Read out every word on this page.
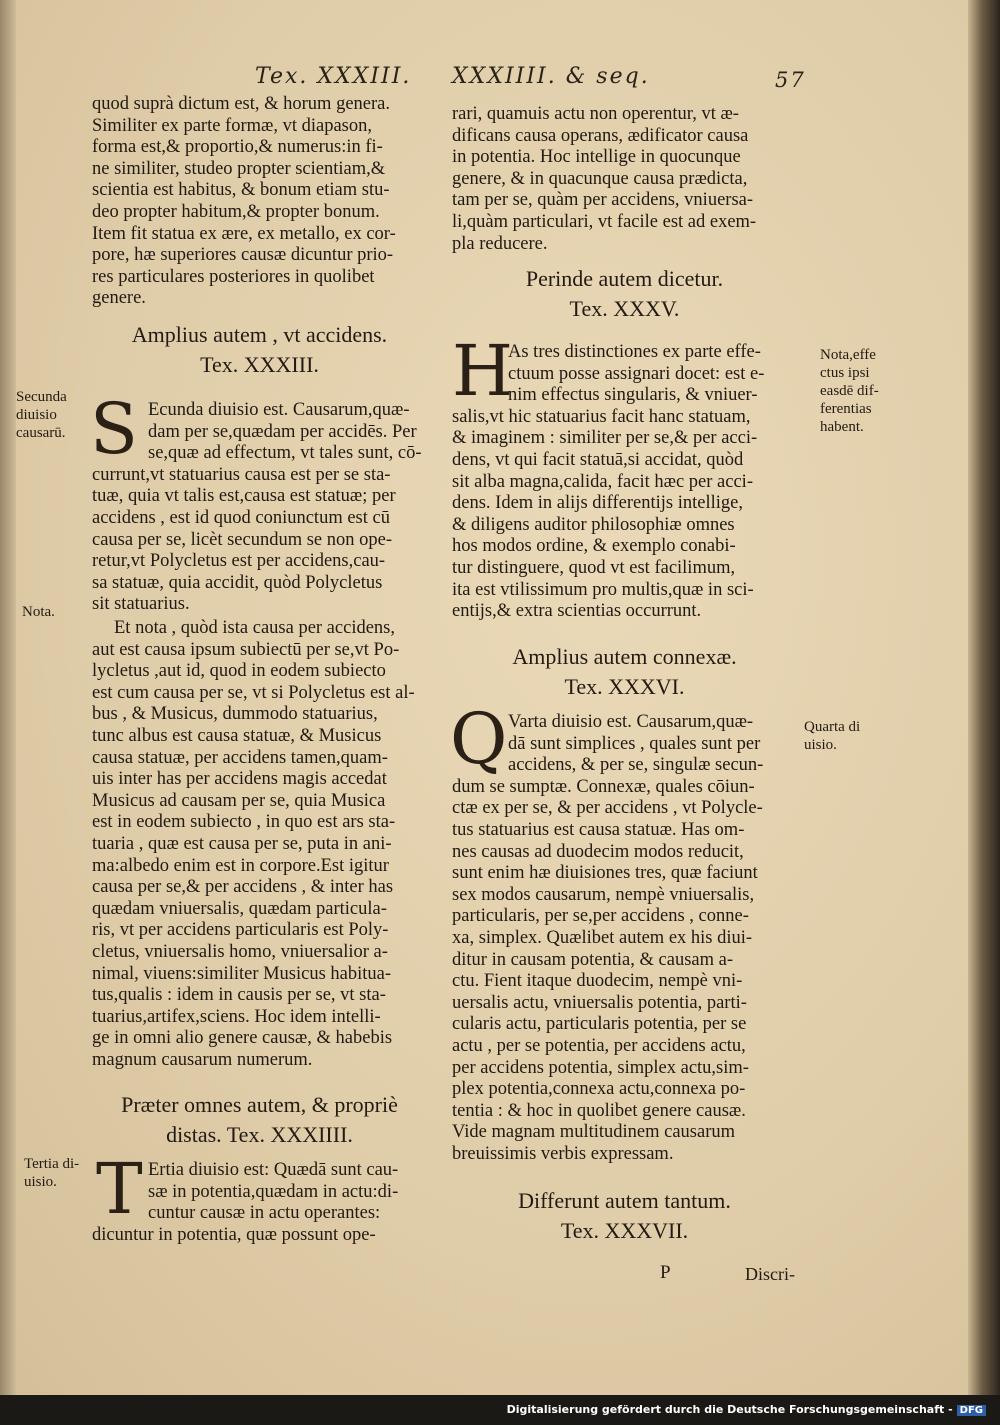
Tex. XXXIII. XXXIIII. & seq.	57
quod suprà dictum est, & horum genera.
Similiter ex parte formæ, vt diapason,
forma est,& proportio,& numerus:in fi-
ne similiter, studeo propter scientiam,&
scientia est habitus, & bonum etiam stu-
deo propter habitum,& propter bonum.
Item fit statua ex ære, ex metallo, ex cor-
pore, hæ superiores causæ dicuntur prio-
res particulares posteriores in quolibet
genere.
Amplius autem , vt accidens.
Tex. XXXIII.
S Ecunda diuisio est. Causarum,quæ-
dam per se,quædam per accidēs. Per
se,quæ ad effectum, vt tales sunt, cō-
currunt,vt statuarius causa est per se sta-
tuæ, quia vt talis est,causa est statuæ; per
accidens , est id quod coniunctum est cū
causa per se, licèt secundum se non ope-
retur,vt Polycletus est per accidens,cau-
sa statuæ, quia accidit, quòd Polycletus
sit statuarius.
Et nota , quòd ista causa per accidens,
aut est causa ipsum subiectū per se,vt Po-
lycletus ,aut id, quod in eodem subiecto
est cum causa per se, vt si Polycletus est al-
bus , & Musicus, dummodo statuarius,
tunc albus est causa statuæ, & Musicus
causa statuæ, per accidens tamen,quam-
uis inter has per accidens magis accedat
Musicus ad causam per se, quia Musica
est in eodem subiecto , in quo est ars sta-
tuaria , quæ est causa per se, puta in ani-
ma:albedo enim est in corpore.Est igitur
causa per se,& per accidens , & inter has
quædam vniuersalis, quædam particula-
ris, vt per accidens particularis est Poly-
cletus, vniuersalis homo, vniuersalior a-
nimal, viuens:similiter Musicus habitua-
tus,qualis : idem in causis per se, vt sta-
tuarius,artifex,sciens. Hoc idem intelli-
ge in omni alio genere causæ, & habebis
magnum causarum numerum.
Præter omnes autem, & propriè
distas. Tex. XXXIIII.
T Ertia diuisio est: Quædā sunt cau-
sæ in potentia,quædam in actu:di-
cuntur causæ in actu operantes:
dicuntur in potentia, quæ possunt ope-
Secunda
diuisio
causarū.
Nota.
Tertia di-
uisio.
rari, quamuis actu non operentur, vt æ-
dificans causa operans, ædificator causa
in potentia. Hoc intellige in quocunque
genere, & in quacunque causa prædicta,
tam per se, quàm per accidens, vniuersa-
li,quàm particulari, vt facile est ad exem-
pla reducere.
Perinde autem dicetur.
Tex. XXXV.
H
As tres distinctiones ex parte effe-
ctuum posse assignari docet: est e-
nim effectus singularis, & vniuer-
salis,vt hic statuarius facit hanc statuam,
& imaginem : similiter per se,& per acci-
dens, vt qui facit statuā,si accidat, quòd
sit alba magna,calida, facit hæc per acci-
dens. Idem in alijs differentijs intellige,
& diligens auditor philosophiæ omnes
hos modos ordine, & exemplo conabi-
tur distinguere, quod vt est facilimum,
ita est vtilissimum pro multis,quæ in sci-
entijs,& extra scientias occurrunt.
Amplius autem connexæ.
Tex. XXXVI.
Q Varta diuisio est. Causarum,quæ-
dā sunt simplices , quales sunt per
accidens, & per se, singulæ secun-
dum se sumptæ. Connexæ, quales cōiun-
ctæ ex per se, & per accidens , vt Polycle-
tus statuarius est causa statuæ. Has om-
nes causas ad duodecim modos reducit,
sunt enim hæ diuisiones tres, quæ faciunt
sex modos causarum, nempè vniuersalis,
particularis, per se,per accidens , conne-
xa, simplex. Quælibet autem ex his diui-
ditur in causam potentia, & causam a-
ctu. Fient itaque duodecim, nempè vni-
uersalis actu, vniuersalis potentia, parti-
cularis actu, particularis potentia, per se
actu , per se potentia, per accidens actu,
per accidens potentia, simplex actu,sim-
plex potentia,connexa actu,connexa po-
tentia : & hoc in quolibet genere causæ.
Vide magnam multitudinem causarum
breuissimis verbis expressam.
Differunt autem tantum.
Tex. XXXVII.
P	Discri-
Nota,effe
ctus ipsi
easdē dif-
ferentias
habent.
Quarta di
uisio.
Digitalisierung gefördert durch die Deutsche Forschungsgemeinschaft - DFG
